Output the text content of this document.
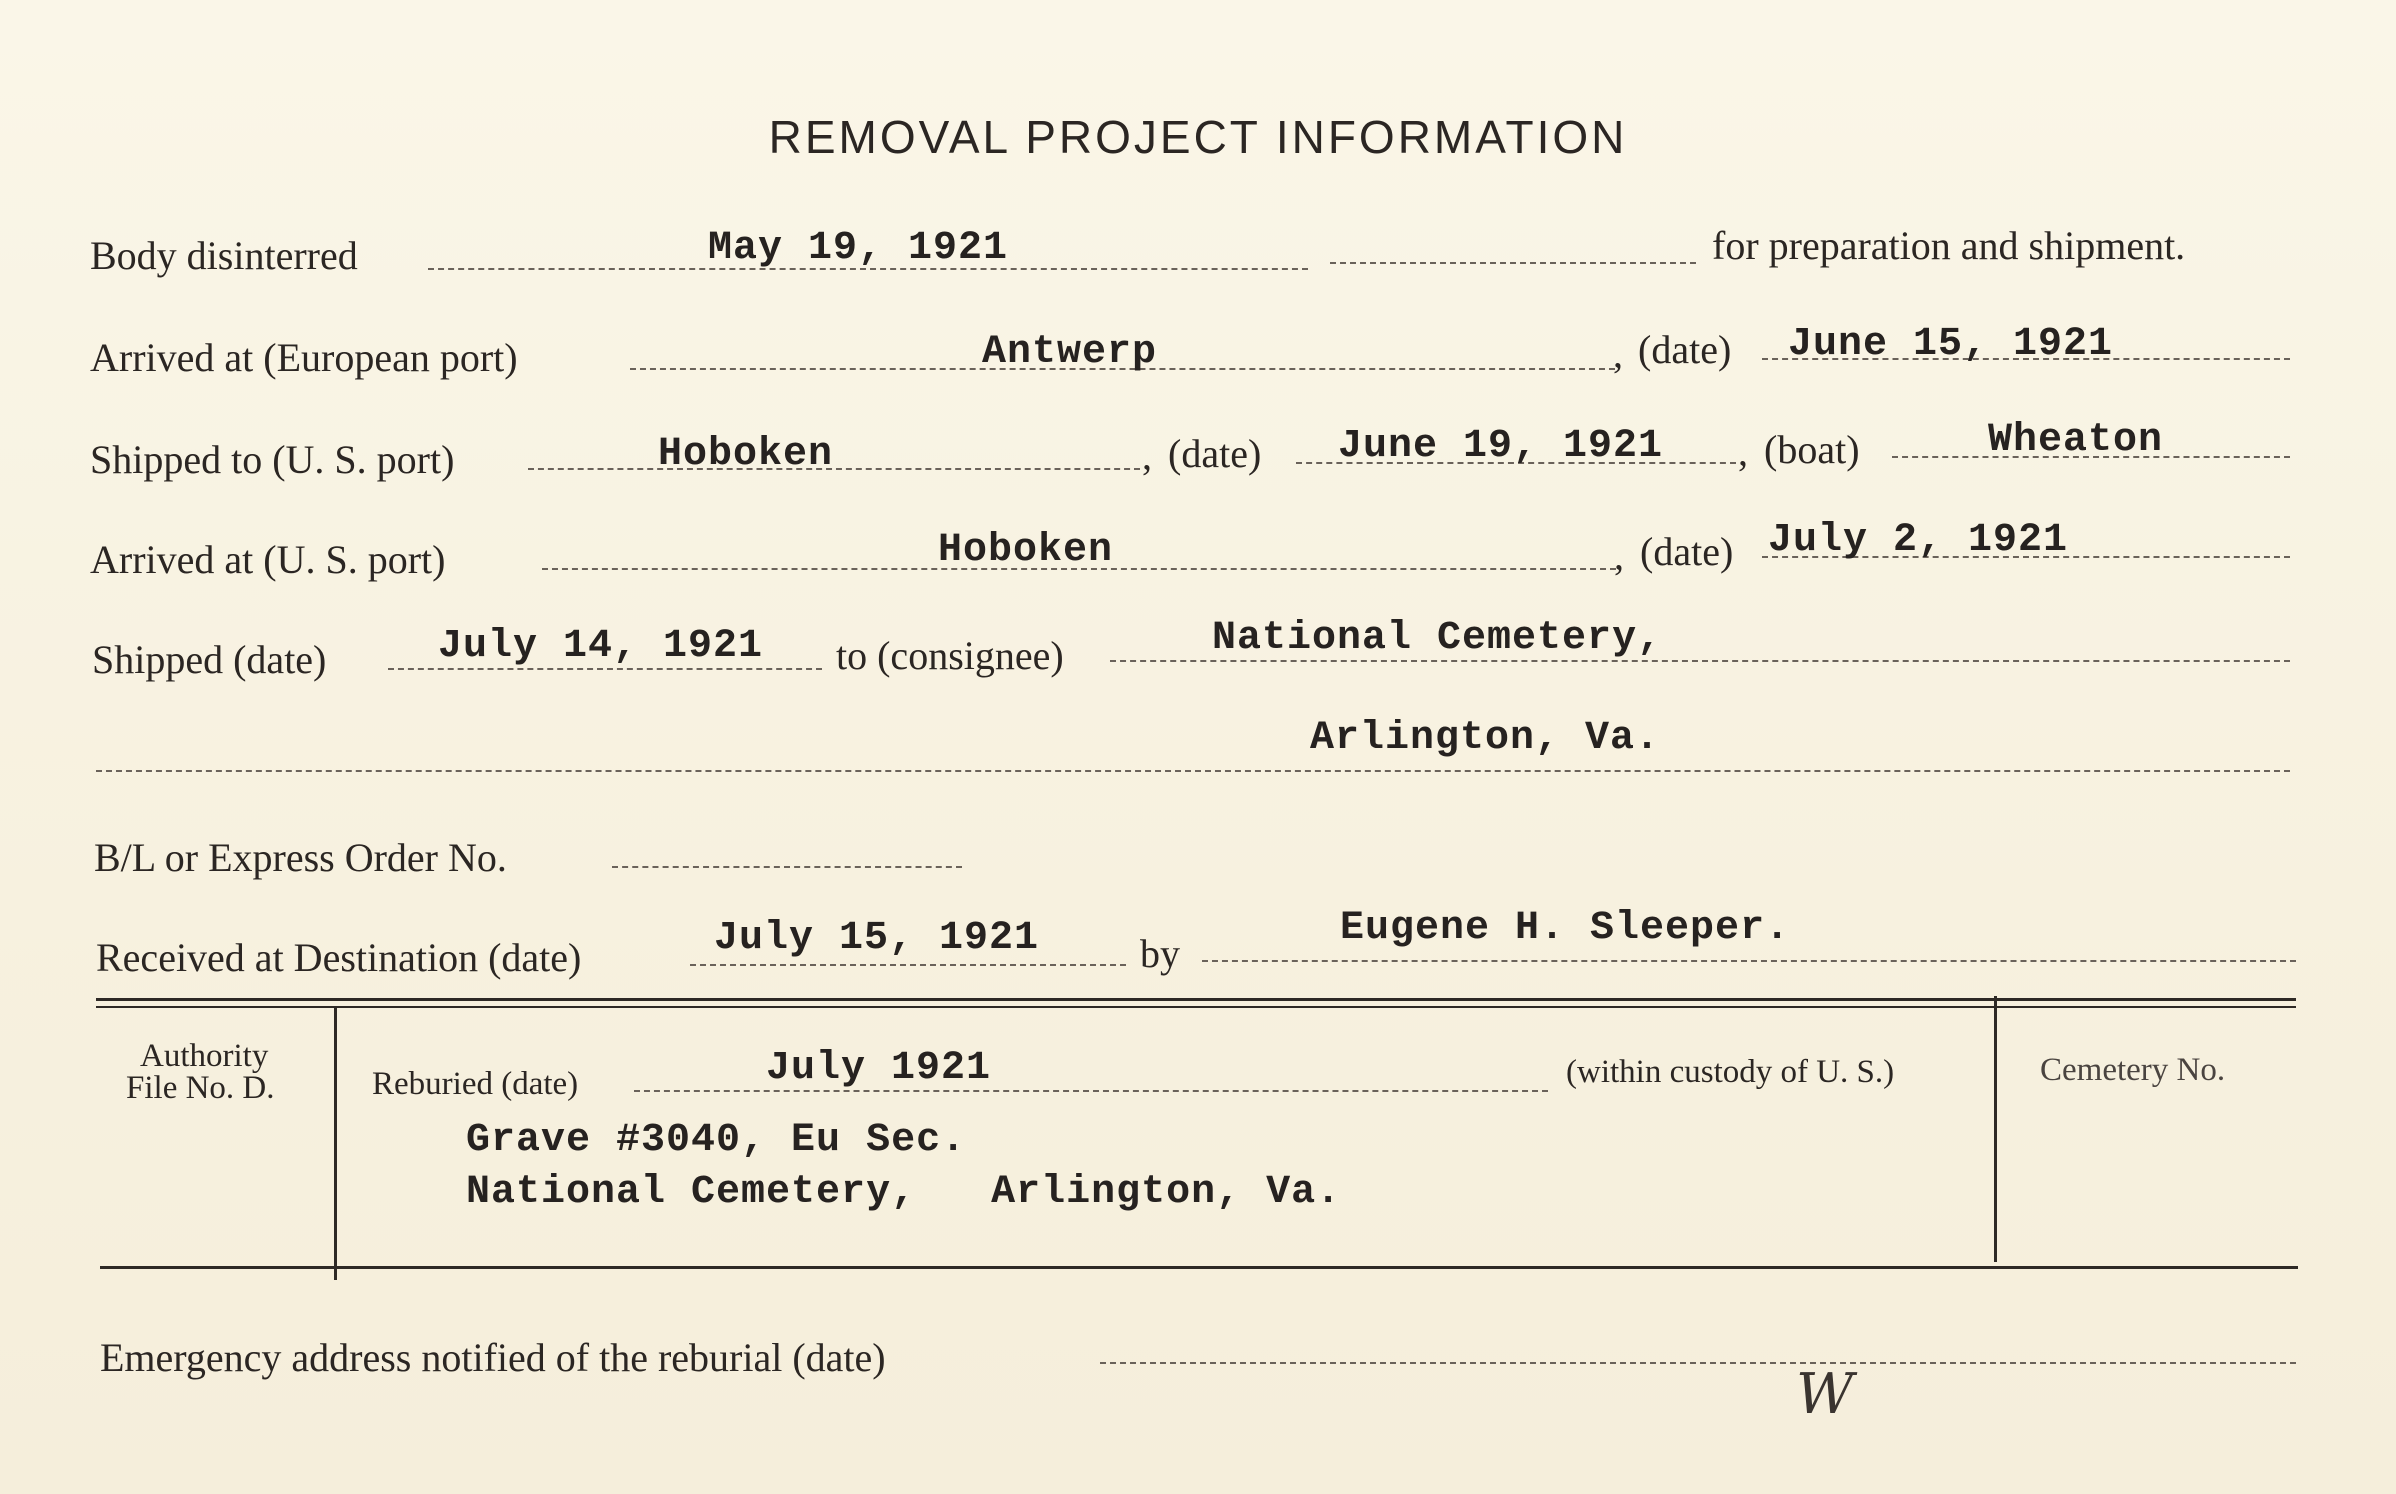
REMOVAL PROJECT INFORMATION
Body disinterred	May 19, 1921	for preparation and shipment.
Arrived at (European port)	Antwerp	, (date) June 15, 1921
Shipped to (U. S. port)	Hoboken	, (date) June 19, 1921 , (boat)	Wheaton
Arrived at (U. S. port)	Hoboken	, (date) July 2, 1921
Shipped (date)	July 14, 1921 to (consignee)	National Cemetery,
Arlington, Va.
B/L or Express Order No.
Received at Destination (date)	July 15, 1921	by
Eugene H. Sleeper.
Authority
File No. D.	Reburied (date)	July 1921	(within custody of U. S.)	Cemetery No.
Grave #3040, Eu Sec.
National Cemetery,   Arlington, Va.
Emergency address notified of the reburial (date)
W
